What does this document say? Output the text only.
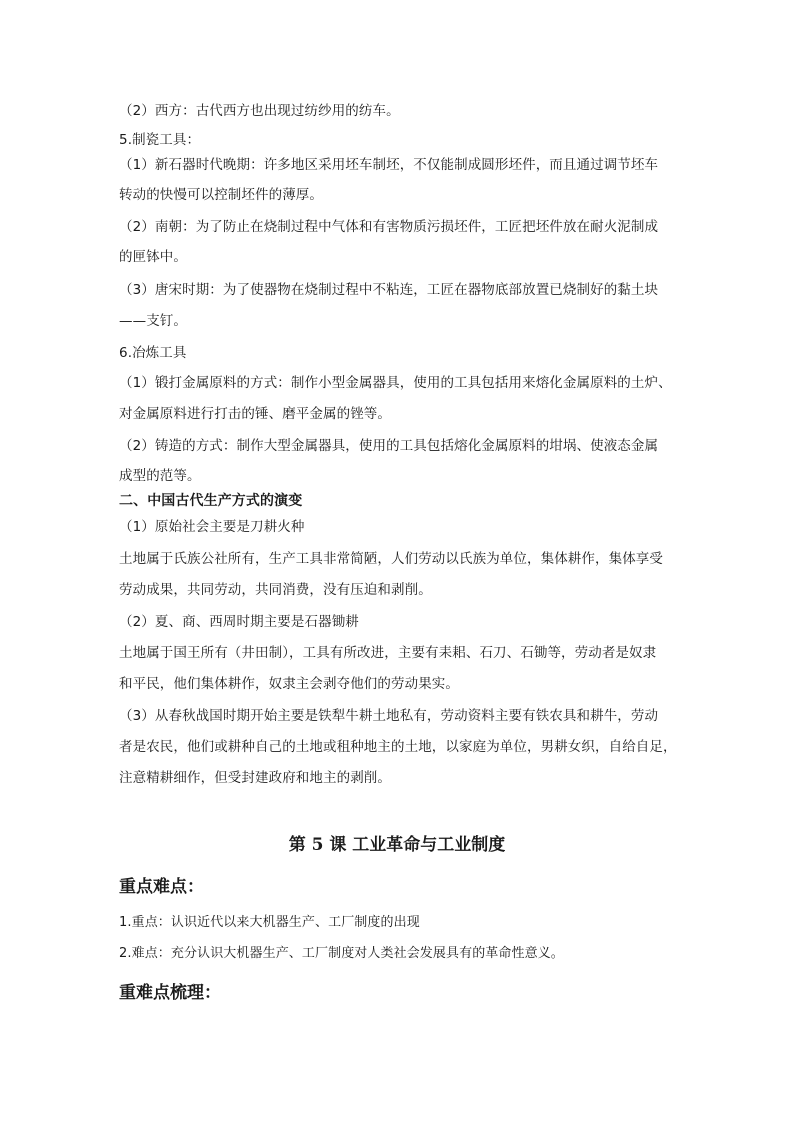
（2）西方：古代西方也出现过纺纱用的纺车。
5.制瓷工具：
（1）新石器时代晚期：许多地区采用坯车制坯，不仅能制成圆形坯件，而且通过调节坯车
转动的快慢可以控制坯件的薄厚。
（2）南朝：为了防止在烧制过程中气体和有害物质污损坯件，工匠把坯件放在耐火泥制成
的匣钵中。
（3）唐宋时期：为了使器物在烧制过程中不粘连，工匠在器物底部放置已烧制好的黏土块
——支钉。
6.冶炼工具
（1）锻打金属原料的方式：制作小型金属器具，使用的工具包括用来熔化金属原料的土炉、
对金属原料进行打击的锤、磨平金属的锉等。
（2）铸造的方式：制作大型金属器具，使用的工具包括熔化金属原料的坩埚、使液态金属
成型的范等。
二、中国古代生产方式的演变
（1）原始社会主要是刀耕火种
土地属于氏族公社所有，生产工具非常简陋，人们劳动以氏族为单位，集体耕作，集体享受
劳动成果，共同劳动，共同消费，没有压迫和剥削。
（2）夏、商、西周时期主要是石器锄耕
土地属于国王所有（井田制），工具有所改进，主要有耒耜、石刀、石锄等，劳动者是奴隶
和平民，他们集体耕作，奴隶主会剥夺他们的劳动果实。
（3）从春秋战国时期开始主要是铁犁牛耕土地私有，劳动资料主要有铁农具和耕牛，劳动
者是农民，他们或耕种自己的土地或租种地主的土地，以家庭为单位，男耕女织，自给自足，
注意精耕细作，但受封建政府和地主的剥削。
第 5 课 工业革命与工业制度
重点难点：
1.重点：认识近代以来大机器生产、工厂制度的出现
2.难点：充分认识大机器生产、工厂制度对人类社会发展具有的革命性意义。
重难点梳理：
